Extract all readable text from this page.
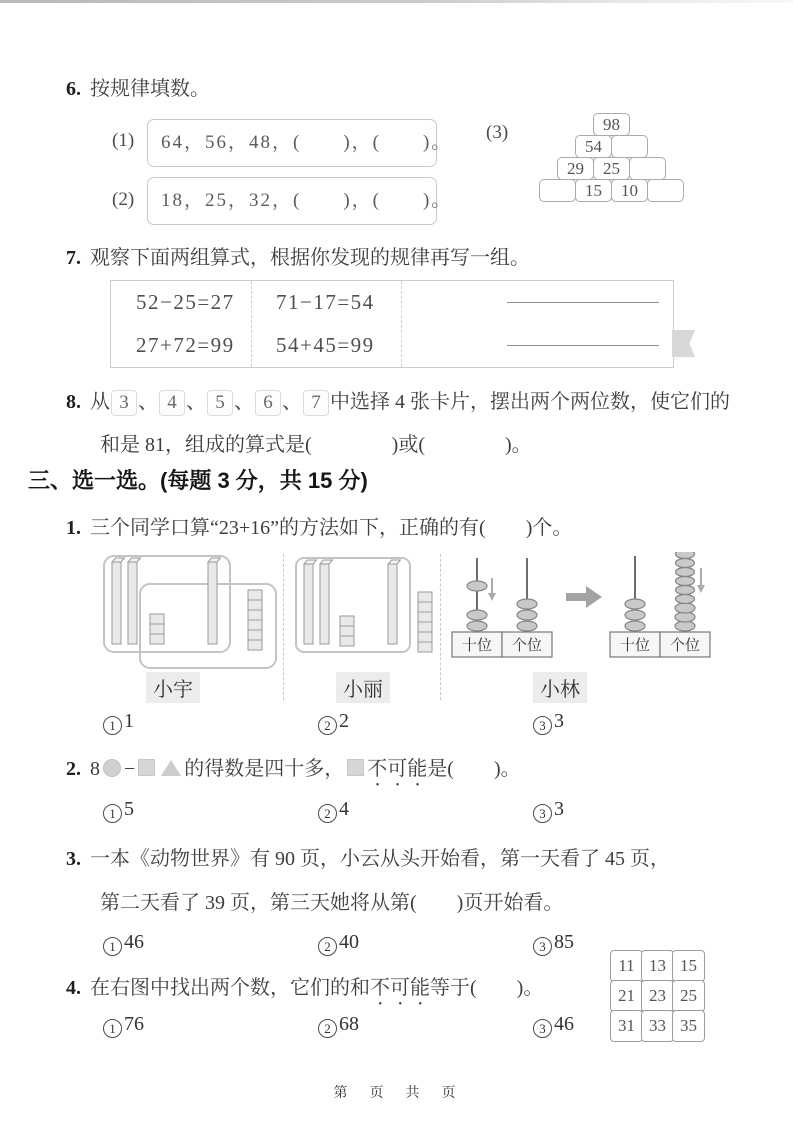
6. 按规律填数。
(1)	64，56，48，(　　)，(　　)。
(2)	18，25，32，(　　)，(　　)。
(3)	98
54
29	25
15	10
7. 观察下面两组算式，根据你发现的规律再写一组。
52−25=27	71−17=54
27+72=99	54+45=99
8. 从 3 、 4 、 5 、 6 、 7 中选择 4 张卡片，摆出两个两位数，使它们的
和是 81，组成的算式是(　　　　)或(　　　　)。
三、选一选。(每题 3 分，共 15 分)
1. 三个同学口算“23+16”的方法如下，正确的有(　　)个。
小宇	小丽
十位 个位	十位 个位
小林
1 1	2 2	3 3
2. 8 − 的得数是四十多， 不可能是(　　)。
1 5	2 4	3 3
3. 一本《动物世界》有 90 页，小云从头开始看，第一天看了 45 页，
第二天看了 39 页，第三天她将从第(　　)页开始看。
1 46	2 40	3 85
4. 在右图中找出两个数，它们的和不可能等于(　　)。
11 13 15
21 23 25
31 33 35
1 76	2 68	3 46
第　页　共　页
